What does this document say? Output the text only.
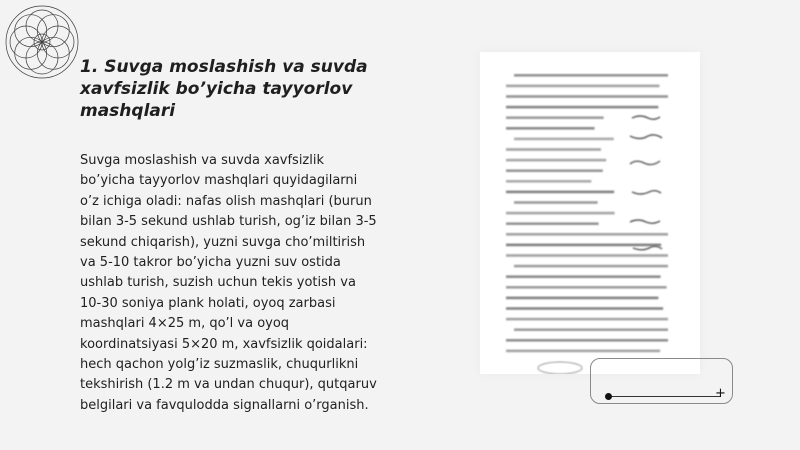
1. Suvga moslashish va suvda xavfsizlik bo’yicha tayyorlov mashqlari

Suvga moslashish va suvda xavfsizlik bo’yicha tayyorlov mashqlari quyidagilarni o’z ichiga oladi: nafas olish mashqlari (burun bilan 3-5 sekund ushlab turish, og’iz bilan 3-5 sekund chiqarish), yuzni suvga cho’miltirish va 5-10 takror bo’yicha yuzni suv ostida ushlab turish, suzish uchun tekis yotish va 10-30 soniya plank holati, oyoq zarbasi mashqlari 4×25 m, qo’l va oyoq koordinatsiyasi 5×20 m, xavfsizlik qoidalari: hech qachon yolg’iz suzmaslik, chuqurlikni tekshirish (1.2 m va undan chuqur), qutqaruv belgilari va favqulodda signallarni o’rganish.

+
